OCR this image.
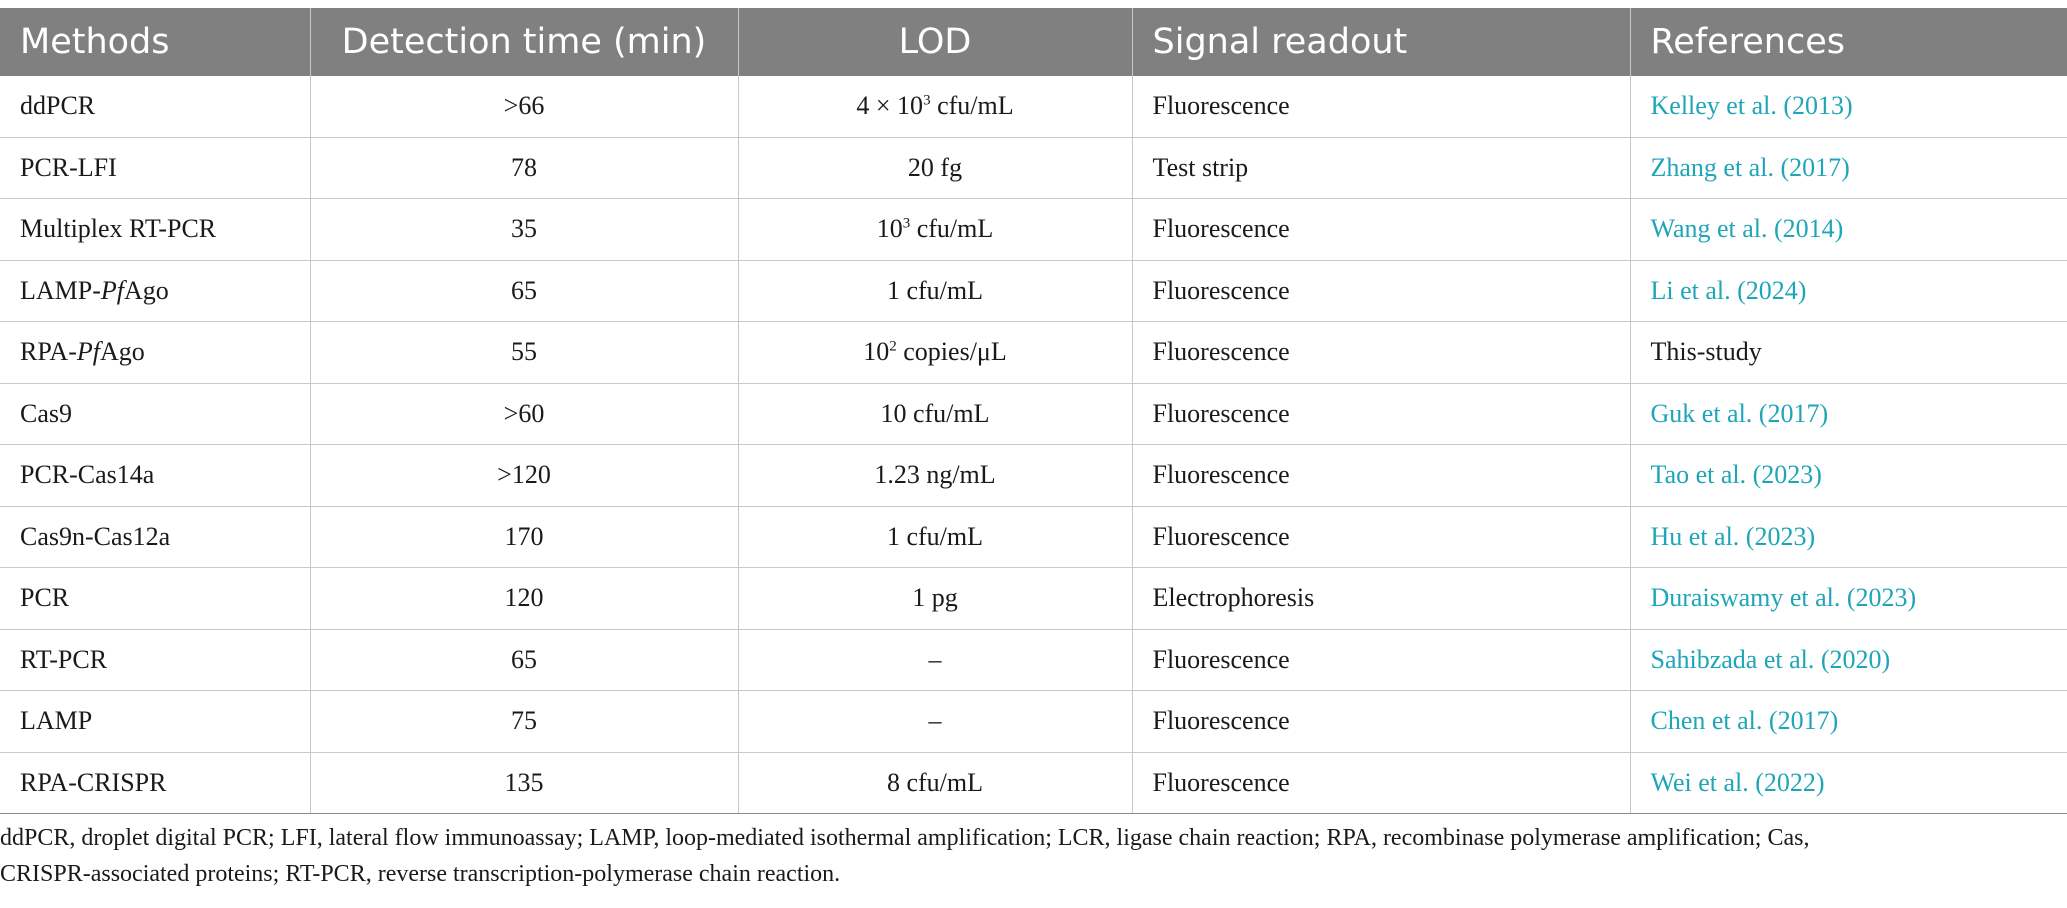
Methods	Detection time (min)	LOD	Signal readout	References
ddPCR	>66	$4 \times 10^3$ cfu/mL	Fluorescence	Kelley et al. (2013)
PCR-LFI	78	20 fg	Test strip	Zhang et al. (2017)
Multiplex RT-PCR	35	$10^3$ cfu/mL	Fluorescence	Wang et al. (2014)
LAMP-PfAgo	65	1 cfu/mL	Fluorescence	Li et al. (2024)
RPA-PfAgo	55	$10^2$ copies/μL	Fluorescence	This-study
Cas9	>60	10 cfu/mL	Fluorescence	Guk et al. (2017)
PCR-Cas14a	>120	1.23 ng/mL	Fluorescence	Tao et al. (2023)
Cas9n-Cas12a	170	1 cfu/mL	Fluorescence	Hu et al. (2023)
PCR	120	1 pg	Electrophoresis	Duraiswamy et al. (2023)
RT-PCR	65	–	Fluorescence	Sahibzada et al. (2020)
LAMP	75	–	Fluorescence	Chen et al. (2017)
RPA-CRISPR	135	8 cfu/mL	Fluorescence	Wei et al. (2022)
ddPCR, droplet digital PCR; LFI, lateral flow immunoassay; LAMP, loop-mediated isothermal amplification; LCR, ligase chain reaction; RPA, recombinase polymerase amplification; Cas,
CRISPR-associated proteins; RT-PCR, reverse transcription-polymerase chain reaction.
